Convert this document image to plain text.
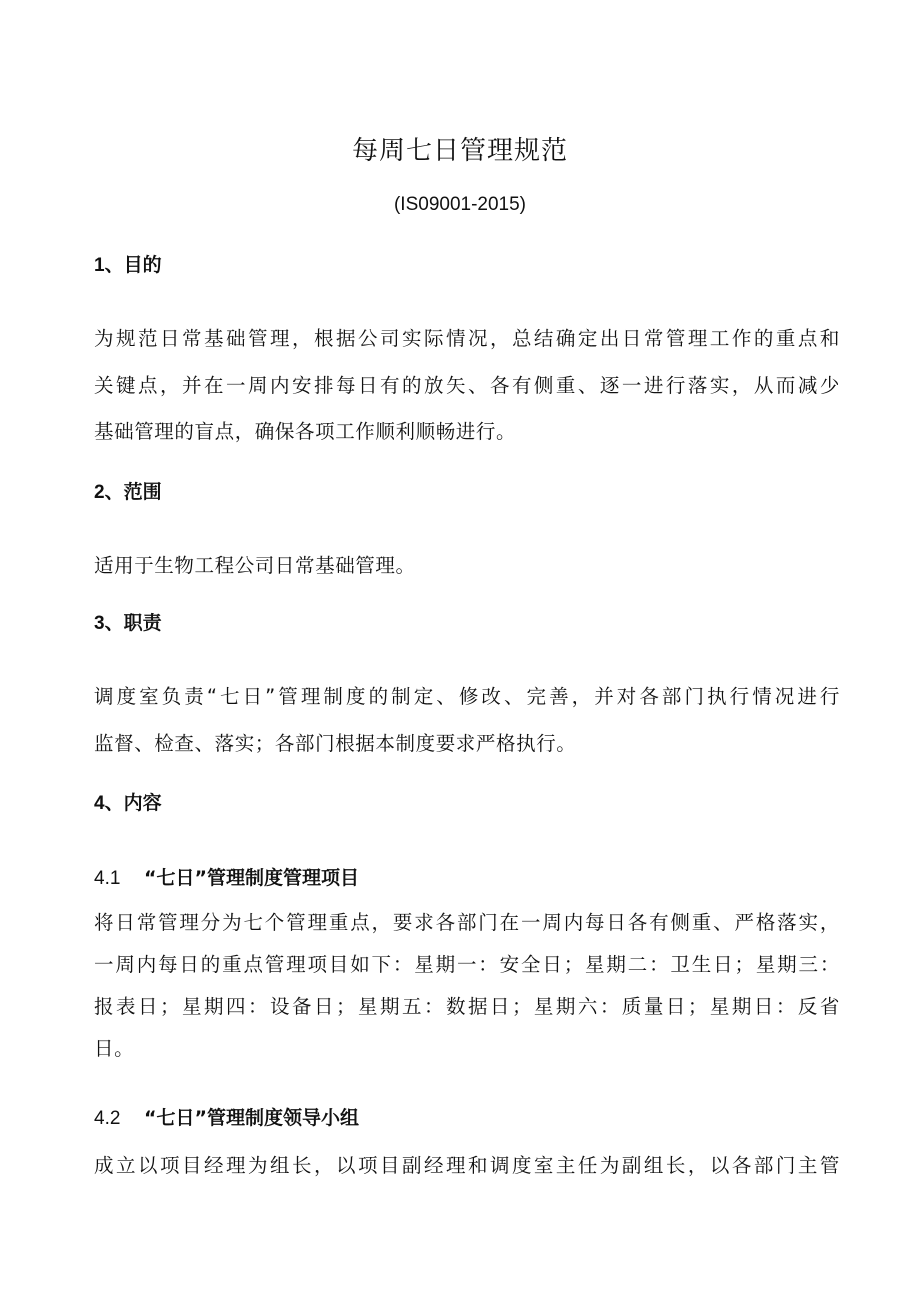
每周七日管理规范
(IS09001-2015)
1、目的
为规范日常基础管理，根据公司实际情况，总结确定出日常管理工作的重点和
关键点，并在一周内安排每日有的放矢、各有侧重、逐一进行落实，从而减少
基础管理的盲点，确保各项工作顺利顺畅进行。
2、范围
适用于生物工程公司日常基础管理。
3、职责
调度室负责“七日”管理制度的制定、修改、完善，并对各部门执行情况进行
监督、检查、落实；各部门根据本制度要求严格执行。
4、内容
4.1 “七日”管理制度管理项目
将日常管理分为七个管理重点，要求各部门在一周内每日各有侧重、严格落实，
一周内每日的重点管理项目如下：星期一：安全日；星期二：卫生日；星期三：
报表日；星期四：设备日；星期五：数据日；星期六：质量日；星期日：反省
日。
4.2 “七日”管理制度领导小组
成立以项目经理为组长，以项目副经理和调度室主任为副组长，以各部门主管
